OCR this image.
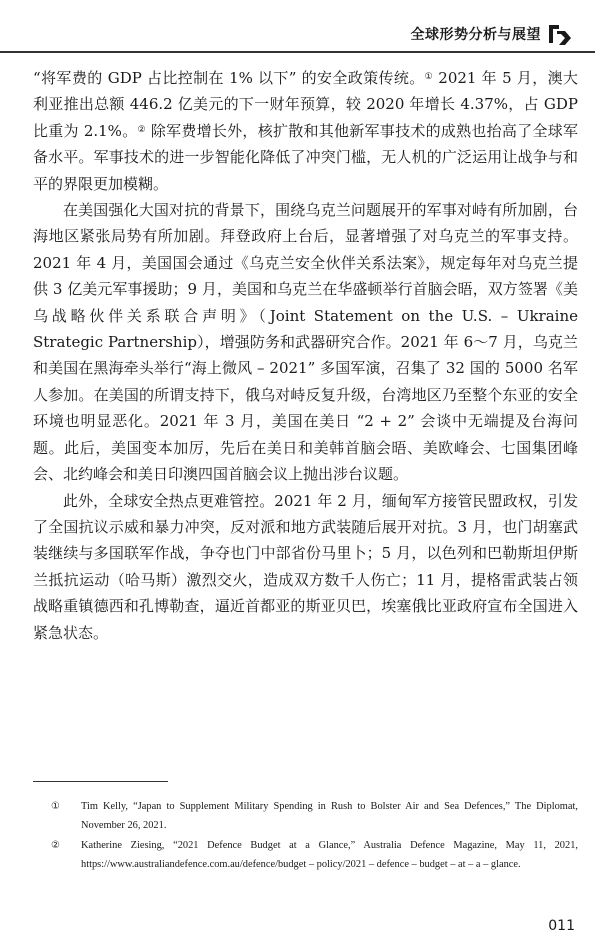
全球形势分析与展望

“将军费的 GDP 占比控制在 1% 以下” 的安全政策传统。① 2021 年 5 月，澳大利亚推出总额 446.2 亿美元的下一财年预算，较 2020 年增长 4.37%，占 GDP 比重为 2.1%。② 除军费增长外，核扩散和其他新军事技术的成熟也抬高了全球军备水平。军事技术的进一步智能化降低了冲突门槛，无人机的广泛运用让战争与和平的界限更加模糊。

在美国强化大国对抗的背景下，围绕乌克兰问题展开的军事对峙有所加剧，台海地区紧张局势有所加剧。拜登政府上台后，显著增强了对乌克兰的军事支持。2021 年 4 月，美国国会通过《乌克兰安全伙伴关系法案》，规定每年对乌克兰提供 3 亿美元军事援助；9 月，美国和乌克兰在华盛顿举行首脑会晤，双方签署《美乌战略伙伴关系联合声明》（Joint Statement on the U.S. – Ukraine Strategic Partnership），增强防务和武器研究合作。2021 年 6～7 月，乌克兰和美国在黑海牵头举行“海上微风 – 2021” 多国军演，召集了 32 国的 5000 名军人参加。在美国的所谓支持下，俄乌对峙反复升级，台湾地区乃至整个东亚的安全环境也明显恶化。2021 年 3 月，美国在美日 “2 + 2” 会谈中无端提及台海问题。此后，美国变本加厉，先后在美日和美韩首脑会晤、美欧峰会、七国集团峰会、北约峰会和美日印澳四国首脑会议上抛出涉台议题。

此外，全球安全热点更难管控。2021 年 2 月，缅甸军方接管民盟政权，引发了全国抗议示威和暴力冲突，反对派和地方武装随后展开对抗。3 月，也门胡塞武装继续与多国联军作战，争夺也门中部省份马里卜；5 月，以色列和巴勒斯坦伊斯兰抵抗运动（哈马斯）激烈交火，造成双方数千人伤亡；11 月，提格雷武装占领战略重镇德西和孔博勒查，逼近首都亚的斯亚贝巴，埃塞俄比亚政府宣布全国进入紧急状态。

①	Tim Kelly, “Japan to Supplement Military Spending in Rush to Bolster Air and Sea Defences,” The Diplomat, November 26, 2021.
②	Katherine Ziesing, “2021 Defence Budget at a Glance,” Australia Defence Magazine, May 11, 2021, https://www.australiandefence.com.au/defence/budget – policy/2021 – defence – budget – at – a – glance.
011
